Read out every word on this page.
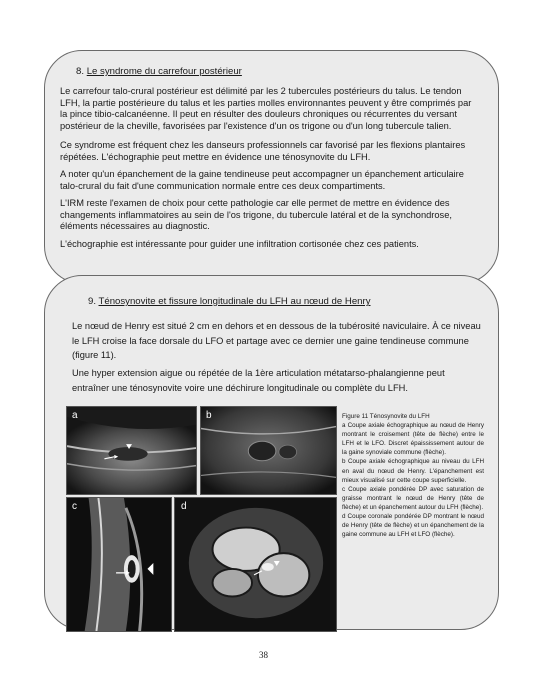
8. Le syndrome du carrefour postérieur

Le carrefour talo-crural postérieur est délimité par les 2 tubercules postérieurs du talus. Le tendon LFH, la partie postérieure du talus et les parties molles environnantes peuvent y être comprimés par la pince tibio-calcanéenne. Il peut en résulter des douleurs chroniques ou récurrentes du versant postérieur de la cheville, favorisées par l'existence d'un os trigone ou d'un long tubercule talien.

Ce syndrome est fréquent chez les danseurs professionnels car favorisé par les flexions plantaires répétées. L'échographie peut mettre en évidence une ténosynovite du LFH.

A noter qu'un épanchement de la gaine tendineuse peut accompagner un épanchement articulaire talo-crural du fait d'une communication normale entre ces deux compartiments.

L'IRM reste l'examen de choix pour cette pathologie car elle permet de mettre en évidence des changements inflammatoires au sein de l'os trigone, du tubercule latéral et de la synchondrose, éléments nécessaires au diagnostic.

L'échographie est intéressante pour guider une infiltration cortisonée chez ces patients.

9. Ténosynovite et fissure longitudinale du LFH au nœud de Henry

Le nœud de Henry est situé 2 cm en dehors et en dessous de la tubérosité naviculaire. À ce niveau le LFH croise la face dorsale du LFO et partage avec ce dernier une gaine tendineuse commune (figure 11).

Une hyper extension aigue ou répétée de la 1ère articulation métatarso-phalangienne peut entraîner une ténosynovite voire une déchirure longitudinale ou complète du LFH.

a	b
c	d

Figure 11 Ténosynovite du LFH

a Coupe axiale échographique au nœud de Henry montrant le croisement (tête de flèche) entre le LFH et le LFO. Discret épaississement autour de la gaine synoviale commune (flèche).

b Coupe axiale échographique au niveau du LFH en aval du nœud de Henry. L'épanchement est mieux visualisé sur cette coupe superficielle.

c Coupe axiale pondérée DP avec saturation de graisse montrant le nœud de Henry (tête de flèche) et un épanchement autour du LFH (flèche).

d Coupe coronale pondérée DP montrant le nœud de Henry (tête de flèche) et un épanchement de la gaine commune au LFH et LFO (flèche).

38
